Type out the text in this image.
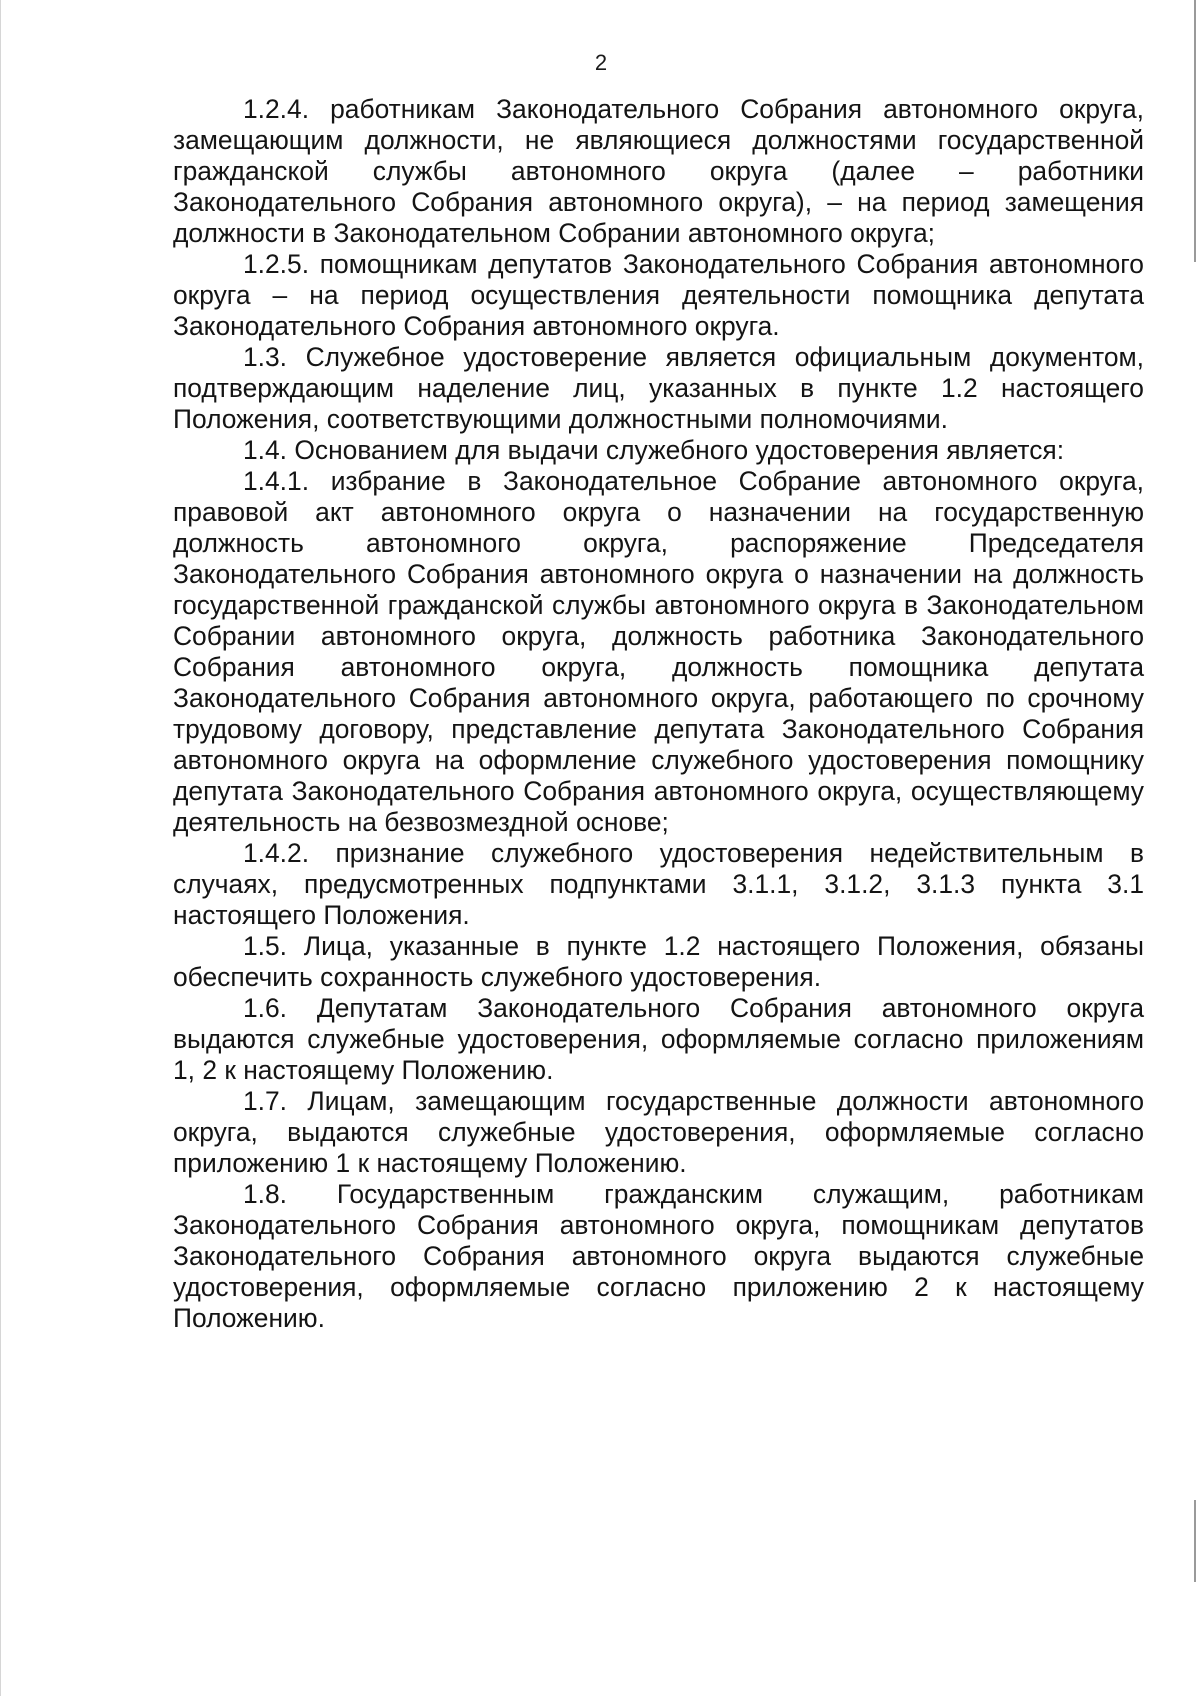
2

1.2.4. работникам Законодательного Собрания автономного округа, замещающим должности, не являющиеся должностями государственной гражданской службы автономного округа (далее – работники Законодательного Собрания автономного округа), – на период замещения должности в Законодательном Собрании автономного округа;

1.2.5. помощникам депутатов Законодательного Собрания автономного округа – на период осуществления деятельности помощника депутата Законодательного Собрания автономного округа.

1.3. Служебное удостоверение является официальным документом, подтверждающим наделение лиц, указанных в пункте 1.2 настоящего Положения, соответствующими должностными полномочиями.

1.4. Основанием для выдачи служебного удостоверения является:

1.4.1. избрание в Законодательное Собрание автономного округа, правовой акт автономного округа о назначении на государственную должность автономного округа, распоряжение Председателя Законодательного Собрания автономного округа о назначении на должность государственной гражданской службы автономного округа в Законодательном Собрании автономного округа, должность работника Законодательного Собрания автономного округа, должность помощника депутата Законодательного Собрания автономного округа, работающего по срочному трудовому договору, представление депутата Законодательного Собрания автономного округа на оформление служебного удостоверения помощнику депутата Законодательного Собрания автономного округа, осуществляющему деятельность на безвозмездной основе;

1.4.2. признание служебного удостоверения недействительным в случаях, предусмотренных подпунктами 3.1.1, 3.1.2, 3.1.3 пункта 3.1 настоящего Положения.

1.5. Лица, указанные в пункте 1.2 настоящего Положения, обязаны обеспечить сохранность служебного удостоверения.

1.6. Депутатам Законодательного Собрания автономного округа выдаются служебные удостоверения, оформляемые согласно приложениям 1, 2 к настоящему Положению.

1.7. Лицам, замещающим государственные должности автономного округа, выдаются служебные удостоверения, оформляемые согласно приложению 1 к настоящему Положению.

1.8. Государственным гражданским служащим, работникам Законодательного Собрания автономного округа, помощникам депутатов Законодательного Собрания автономного округа выдаются служебные удостоверения, оформляемые согласно приложению 2 к настоящему Положению.
